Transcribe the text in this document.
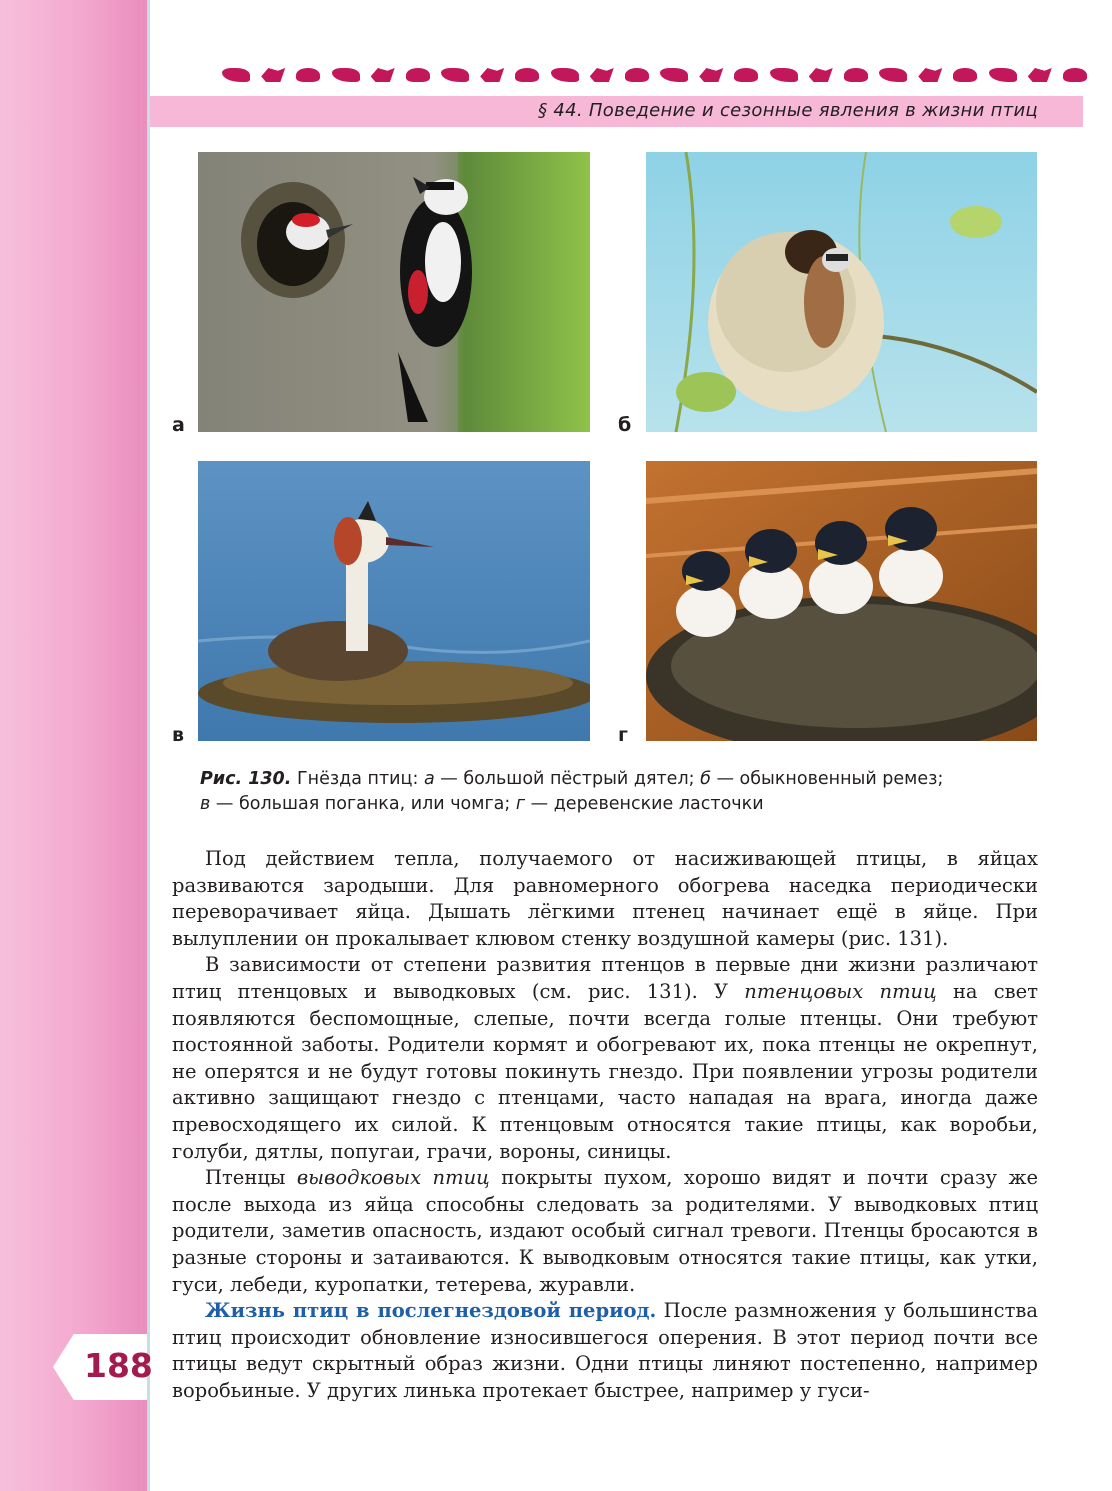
§ 44. Поведение и сезонные явления в жизни птиц
а	б
в	г
Рис. 130. Гнёзда птиц: а — большой пёстрый дятел; б — обыкновенный ремез;
в — большая поганка, или чомга; г — деревенские ласточки

Под действием тепла, получаемого от насиживающей птицы, в яйцах развиваются зародыши. Для равномерного обогрева наседка периодически переворачивает яйца. Дышать лёгкими птенец начинает ещё в яйце. При вылуплении он прокалывает клювом стенку воздушной камеры (рис. 131).

В зависимости от степени развития птенцов в первые дни жизни различают птиц птенцовых и выводковых (см. рис. 131). У птенцовых птиц на свет появляются беспомощные, слепые, почти всегда голые птенцы. Они требуют постоянной заботы. Родители кормят и обогревают их, пока птенцы не окрепнут, не оперятся и не будут готовы покинуть гнездо. При появлении угрозы родители активно защищают гнездо с птенцами, часто нападая на врага, иногда даже превосходящего их силой. К птенцовым относятся такие птицы, как воробьи, голуби, дятлы, попугаи, грачи, вороны, синицы.

Птенцы выводковых птиц покрыты пухом, хорошо видят и почти сразу же после выхода из яйца способны следовать за родителями. У выводковых птиц родители, заметив опасность, издают особый сигнал тревоги. Птенцы бросаются в разные стороны и затаиваются. К выводковым относятся такие птицы, как утки, гуси, лебеди, куропатки, тетерева, журавли.

Жизнь птиц в послегнездовой период. После размножения у большинства птиц происходит обновление износившегося оперения. В этот период почти все птицы ведут скрытный образ жизни. Одни птицы линяют постепенно, например воробьиные. У других линька протекает быстрее, например у гуси-

188
